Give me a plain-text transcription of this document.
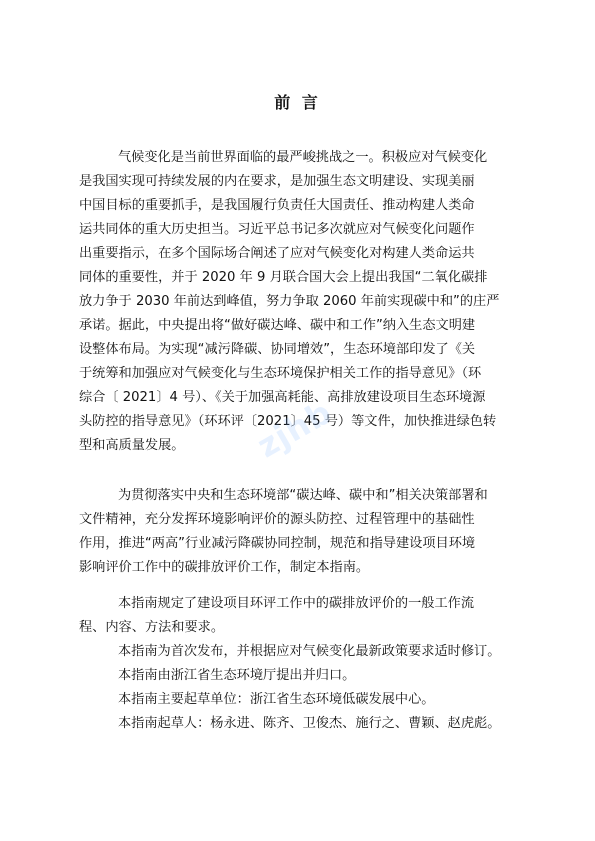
前 言
气候变化是当前世界面临的最严峻挑战之一。积极应对气候变化
是我国实现可持续发展的内在要求，是加强生态文明建设、实现美丽
中国目标的重要抓手，是我国履行负责任大国责任、推动构建人类命
运共同体的重大历史担当。习近平总书记多次就应对气候变化问题作
出重要指示，在多个国际场合阐述了应对气候变化对构建人类命运共
同体的重要性，并于 2020 年 9 月联合国大会上提出我国“二氧化碳排
放力争于 2030 年前达到峰值，努力争取 2060 年前实现碳中和”的庄严
承诺。据此，中央提出将“做好碳达峰、碳中和工作”纳入生态文明建
设整体布局。为实现“减污降碳、协同增效”，生态环境部印发了《关
于统筹和加强应对气候变化与生态环境保护相关工作的指导意见》（环
综合〔 2021〕4 号）、《关于加强高耗能、高排放建设项目生态环境源
头防控的指导意见》（环环评〔2021〕45 号）等文件，加快推进绿色转
型和高质量发展。
为贯彻落实中央和生态环境部“碳达峰、碳中和”相关决策部署和
文件精神，充分发挥环境影响评价的源头防控、过程管理中的基础性
作用，推进“两高”行业减污降碳协同控制，规范和指导建设项目环境
影响评价工作中的碳排放评价工作，制定本指南。
本指南规定了建设项目环评工作中的碳排放评价的一般工作流
程、内容、方法和要求。
本指南为首次发布，并根据应对气候变化最新政策要求适时修订。
本指南由浙江省生态环境厅提出并归口。
本指南主要起草单位：浙江省生态环境低碳发展中心。
本指南起草人：杨永进、陈齐、卫俊杰、施行之、曹颖、赵虎彪。
zjhb
